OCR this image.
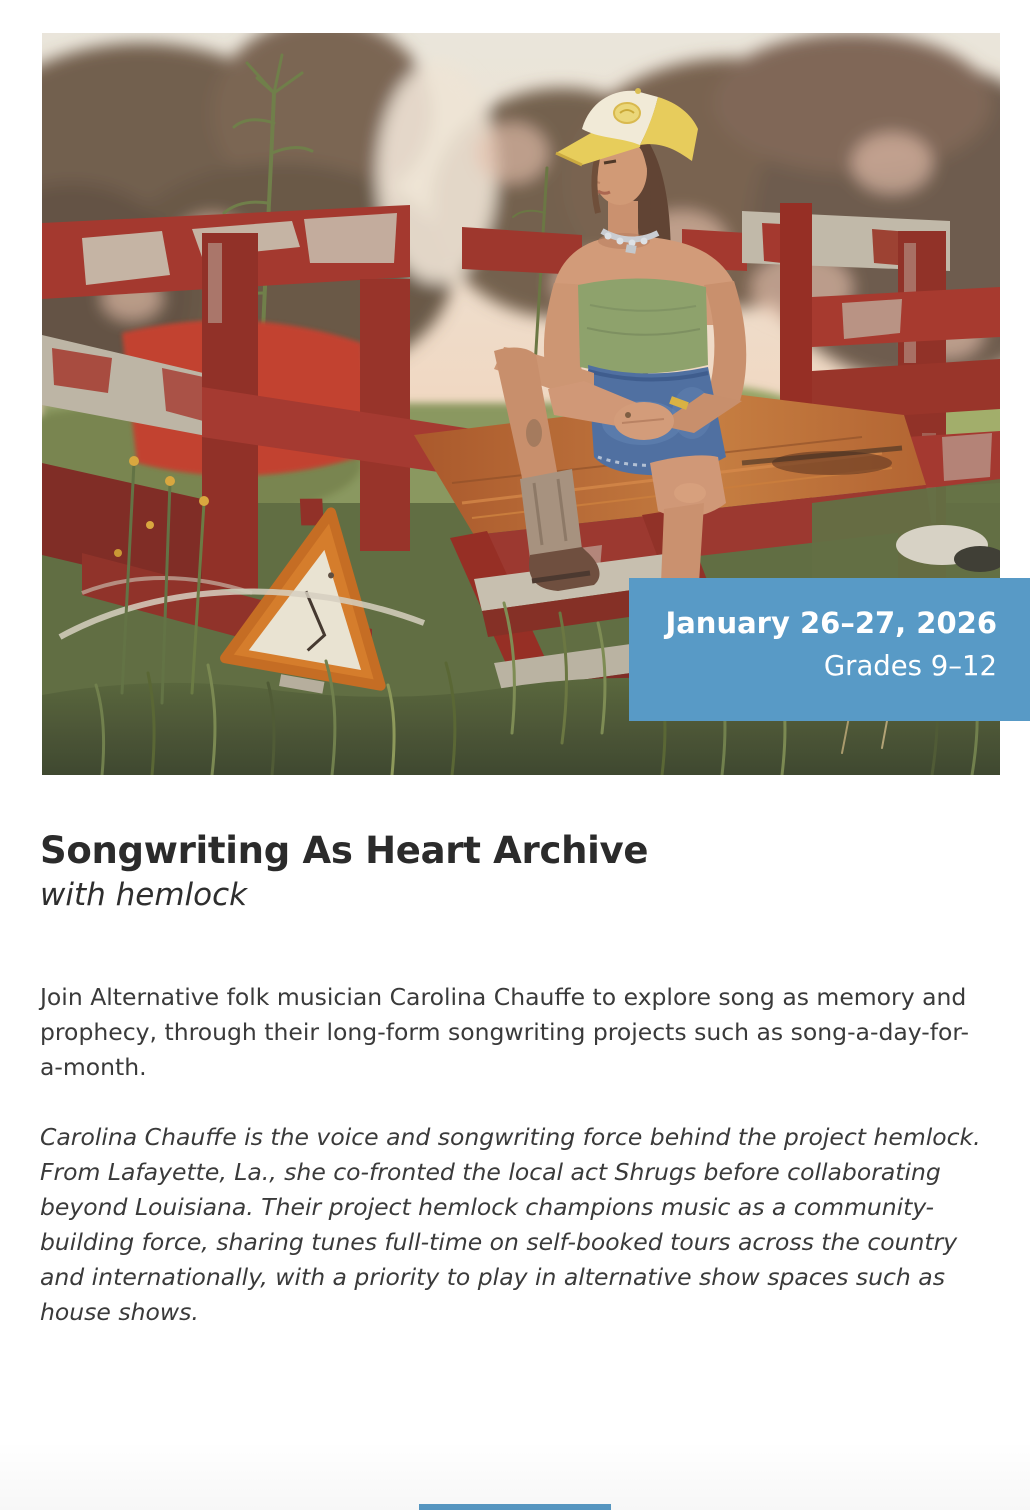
January 26–27, 2026
Grades 9–12
Songwriting As Heart Archive
with hemlock

Join Alternative folk musician Carolina Chauffe to explore song as memory and prophecy, through their long-form songwriting projects such as song-a-day-for-a-month.

Carolina Chauffe is the voice and songwriting force behind the project hemlock. From Lafayette, La., she co-fronted the local act Shrugs before collaborating beyond Louisiana. Their project hemlock champions music as a community-building force, sharing tunes full-time on self-booked tours across the country and internationally, with a priority to play in alternative show spaces such as house shows.
